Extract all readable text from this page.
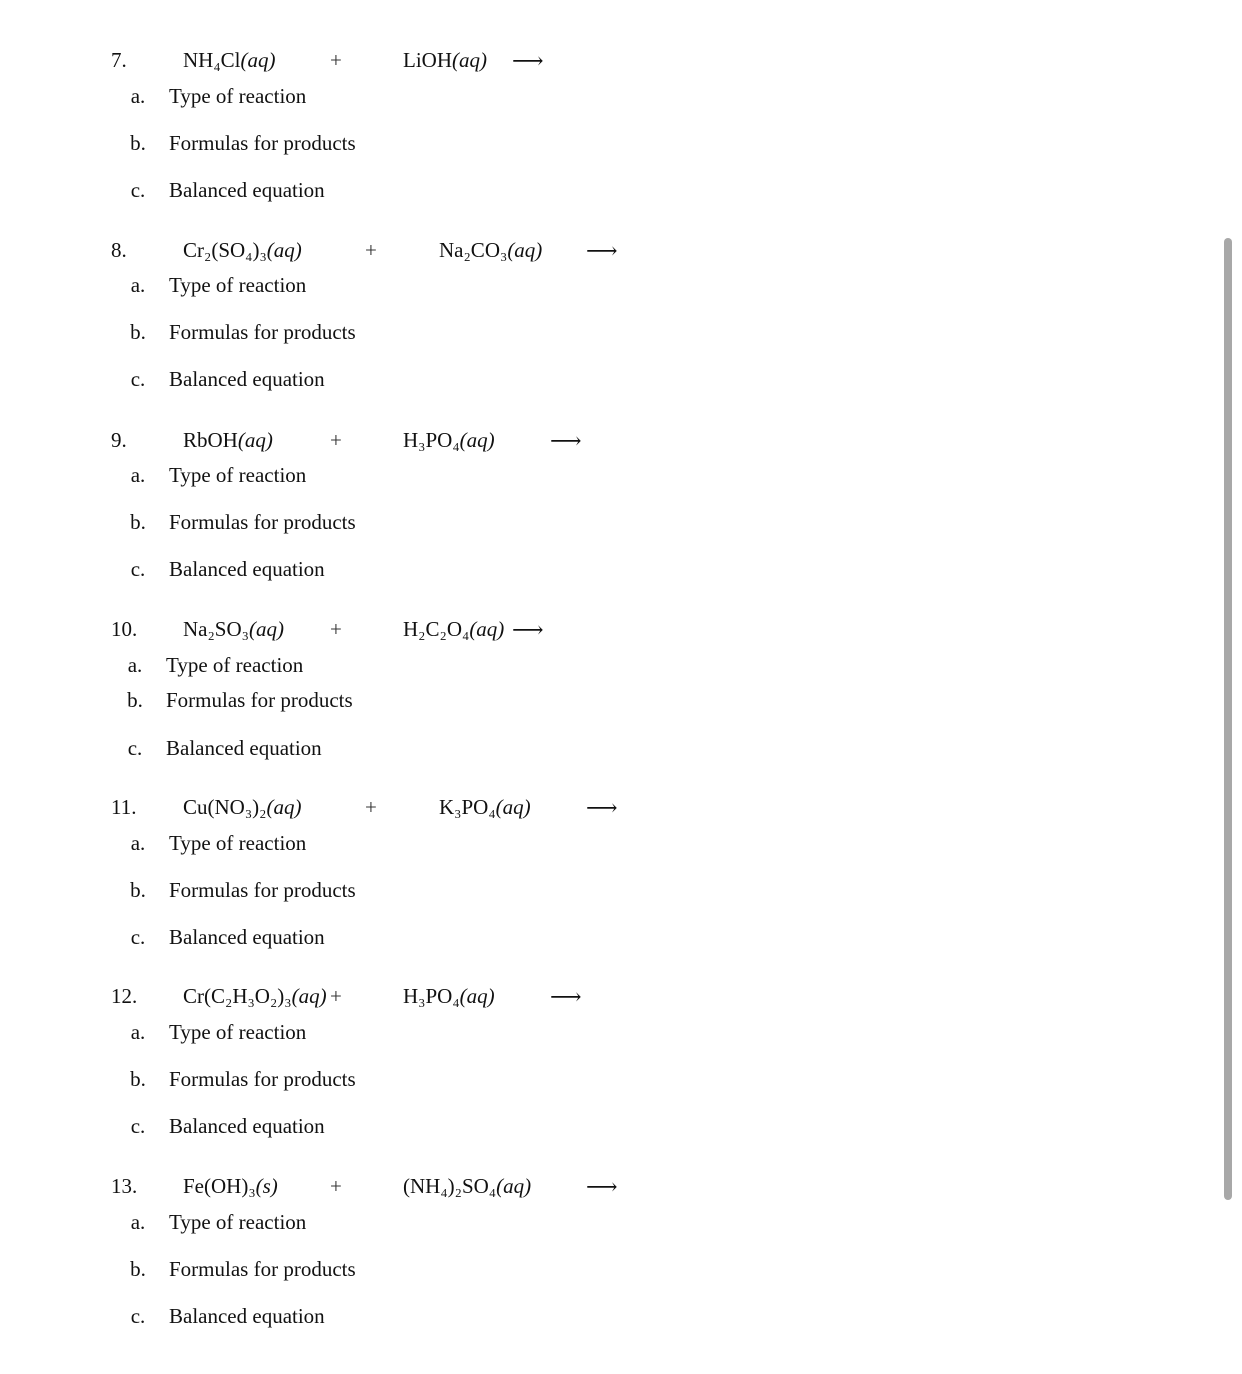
7.	NH₄Cl(aq)	+	LiOH(aq) ⟶
a. Type of reaction
b. Formulas for products
c. Balanced equation
8.	Cr₂(SO₄)₃(aq)	+	Na₂CO₃(aq) ⟶
a. Type of reaction
b. Formulas for products
c. Balanced equation
9.	RbOH(aq)	+	H₃PO₄(aq)	⟶
a. Type of reaction
b. Formulas for products
c. Balanced equation
10. Na₂SO₃(aq) +	H₂C₂O₄(aq) ⟶
a. Type of reaction
b. Formulas for products
c. Balanced equation
11. Cu(NO₃)₂(aq)	+	K₃PO₄(aq)	⟶
a. Type of reaction
b. Formulas for products
c. Balanced equation
12. Cr(C₂H₃O₂)₃(aq) +	H₃PO₄(aq)	⟶
a. Type of reaction
b. Formulas for products
c. Balanced equation
13. Fe(OH)₃(s) +	(NH₄)₂SO₄(aq) ⟶
a. Type of reaction
b. Formulas for products
c. Balanced equation
